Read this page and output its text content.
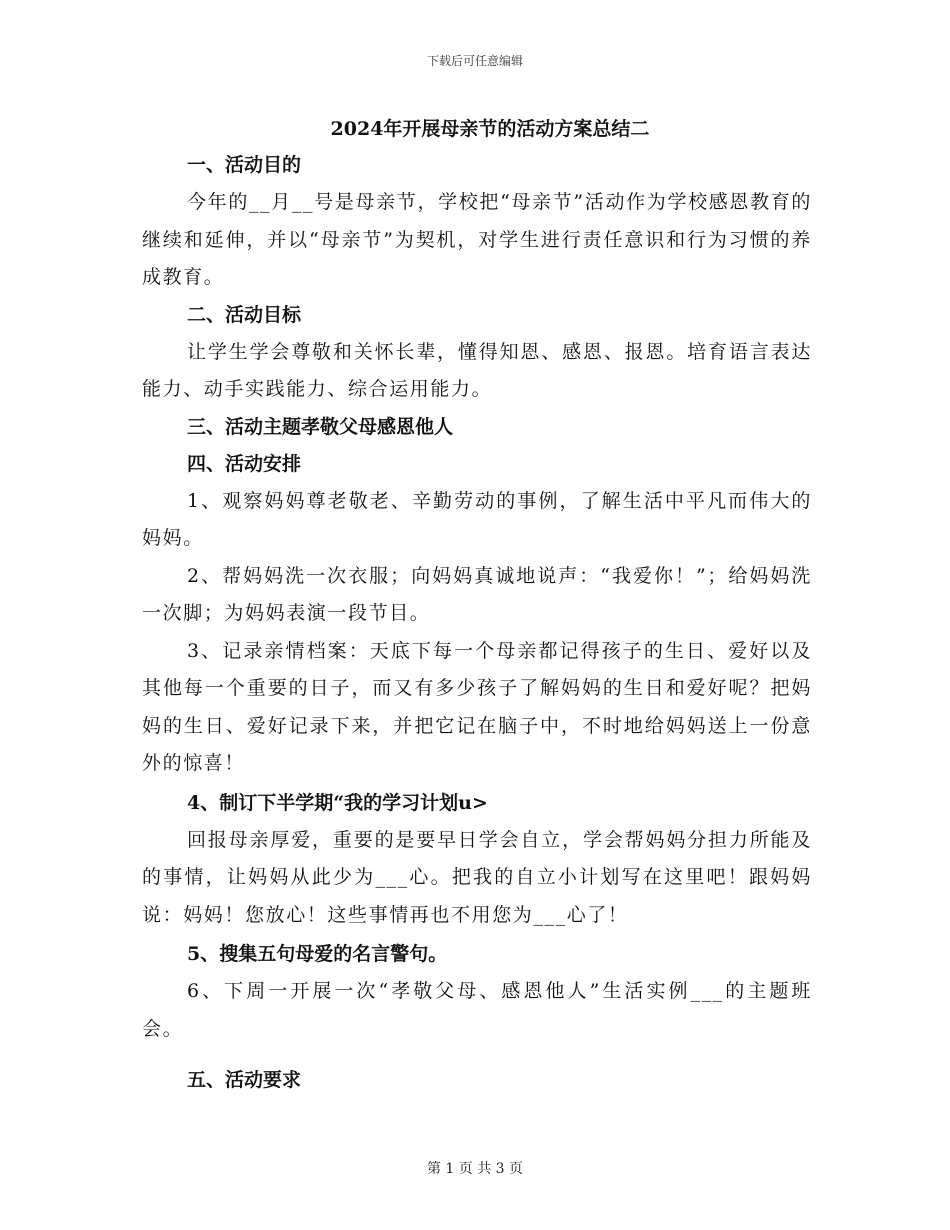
下载后可任意编辑
2024年开展母亲节的活动方案总结二
一、活动目的
今年的__月__号是母亲节，学校把“母亲节”活动作为学校感恩教育的继续和延伸，并以“母亲节”为契机，对学生进行责任意识和行为习惯的养成教育。
二、活动目标
让学生学会尊敬和关怀长辈，懂得知恩、感恩、报恩。培育语言表达能力、动手实践能力、综合运用能力。
三、活动主题孝敬父母感恩他人
四、活动安排
1、观察妈妈尊老敬老、辛勤劳动的事例，了解生活中平凡而伟大的妈妈。
2、帮妈妈洗一次衣服；向妈妈真诚地说声：“我爱你！”；给妈妈洗一次脚；为妈妈表演一段节目。
3、记录亲情档案：天底下每一个母亲都记得孩子的生日、爱好以及其他每一个重要的日子，而又有多少孩子了解妈妈的生日和爱好呢？把妈妈的生日、爱好记录下来，并把它记在脑子中，不时地给妈妈送上一份意外的惊喜！
4、制订下半学期“我的学习计划u>
回报母亲厚爱，重要的是要早日学会自立，学会帮妈妈分担力所能及的事情，让妈妈从此少为___心。把我的自立小计划写在这里吧！跟妈妈说：妈妈！您放心！这些事情再也不用您为___心了！
5、搜集五句母爱的名言警句。
6、下周一开展一次“孝敬父母、感恩他人”生活实例___的主题班会。
五、活动要求
第 1 页 共 3 页
